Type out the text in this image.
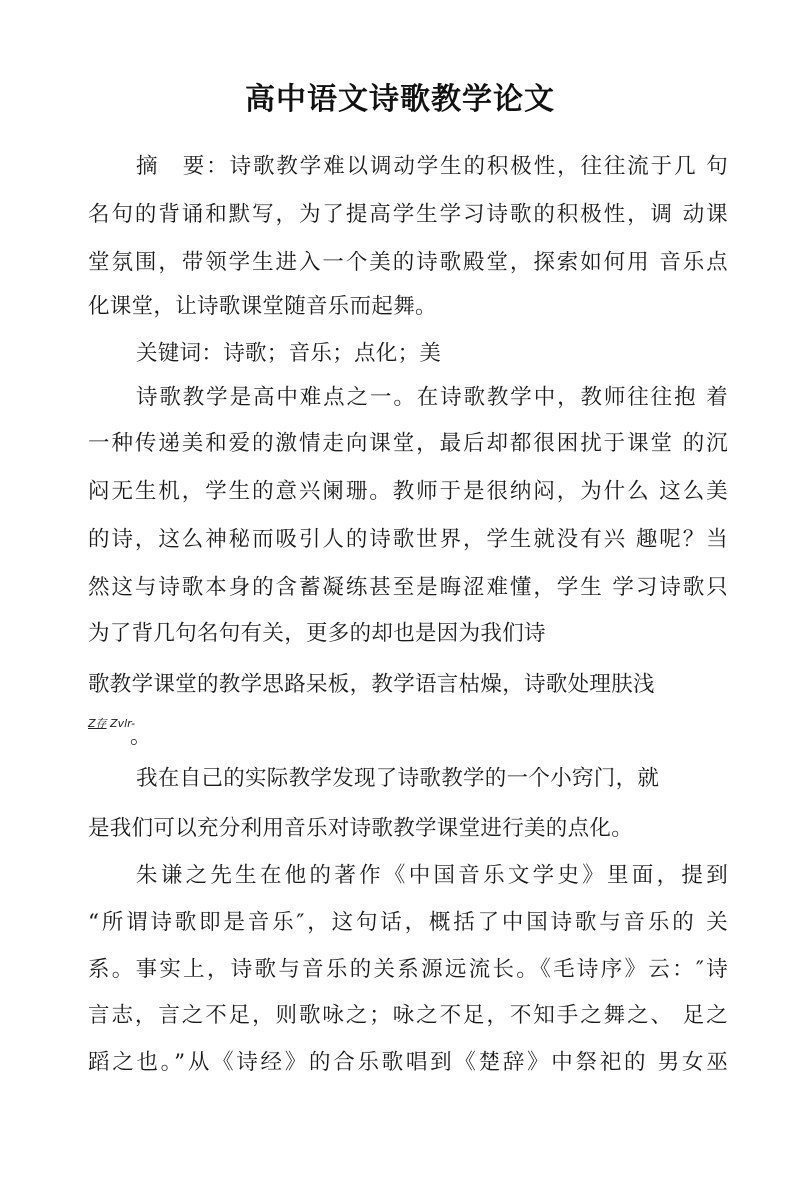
高中语文诗歌教学论文
摘　要：诗歌教学难以调动学生的积极性，往往流于几 句
名句的背诵和默写，为了提高学生学习诗歌的积极性，调 动课
堂氛围，带领学生进入一个美的诗歌殿堂，探索如何用 音乐点
化课堂，让诗歌课堂随音乐而起舞。
关键词：诗歌；音乐；点化；美
诗歌教学是高中难点之一。在诗歌教学中，教师往往抱 着
一种传递美和爱的激情走向课堂，最后却都很困扰于课堂 的沉
闷无生机，学生的意兴阑珊。教师于是很纳闷，为什么 这么美
的诗，这么神秘而吸引人的诗歌世界，学生就没有兴 趣呢？当
然这与诗歌本身的含蓄凝练甚至是晦涩难懂，学生 学习诗歌只
为了背几句名句有关，更多的却也是因为我们诗
歌教学课堂的教学思路呆板，教学语言枯燥，诗歌处理肤浅
Z存 Zvlr-
。
我在自己的实际教学发现了诗歌教学的一个小窍门，就
是我们可以充分利用音乐对诗歌教学课堂进行美的点化。
朱谦之先生在他的著作《中国音乐文学史》里面，提到
“所谓诗歌即是音乐″，这句话，概括了中国诗歌与音乐的 关
系。事实上，诗歌与音乐的关系源远流长。《毛诗序》云：″诗
言志，言之不足，则歌咏之；咏之不足，不知手之舞之、 足之
蹈之也。”从《诗经》的合乐歌唱到《楚辞》中祭祀的 男女巫
